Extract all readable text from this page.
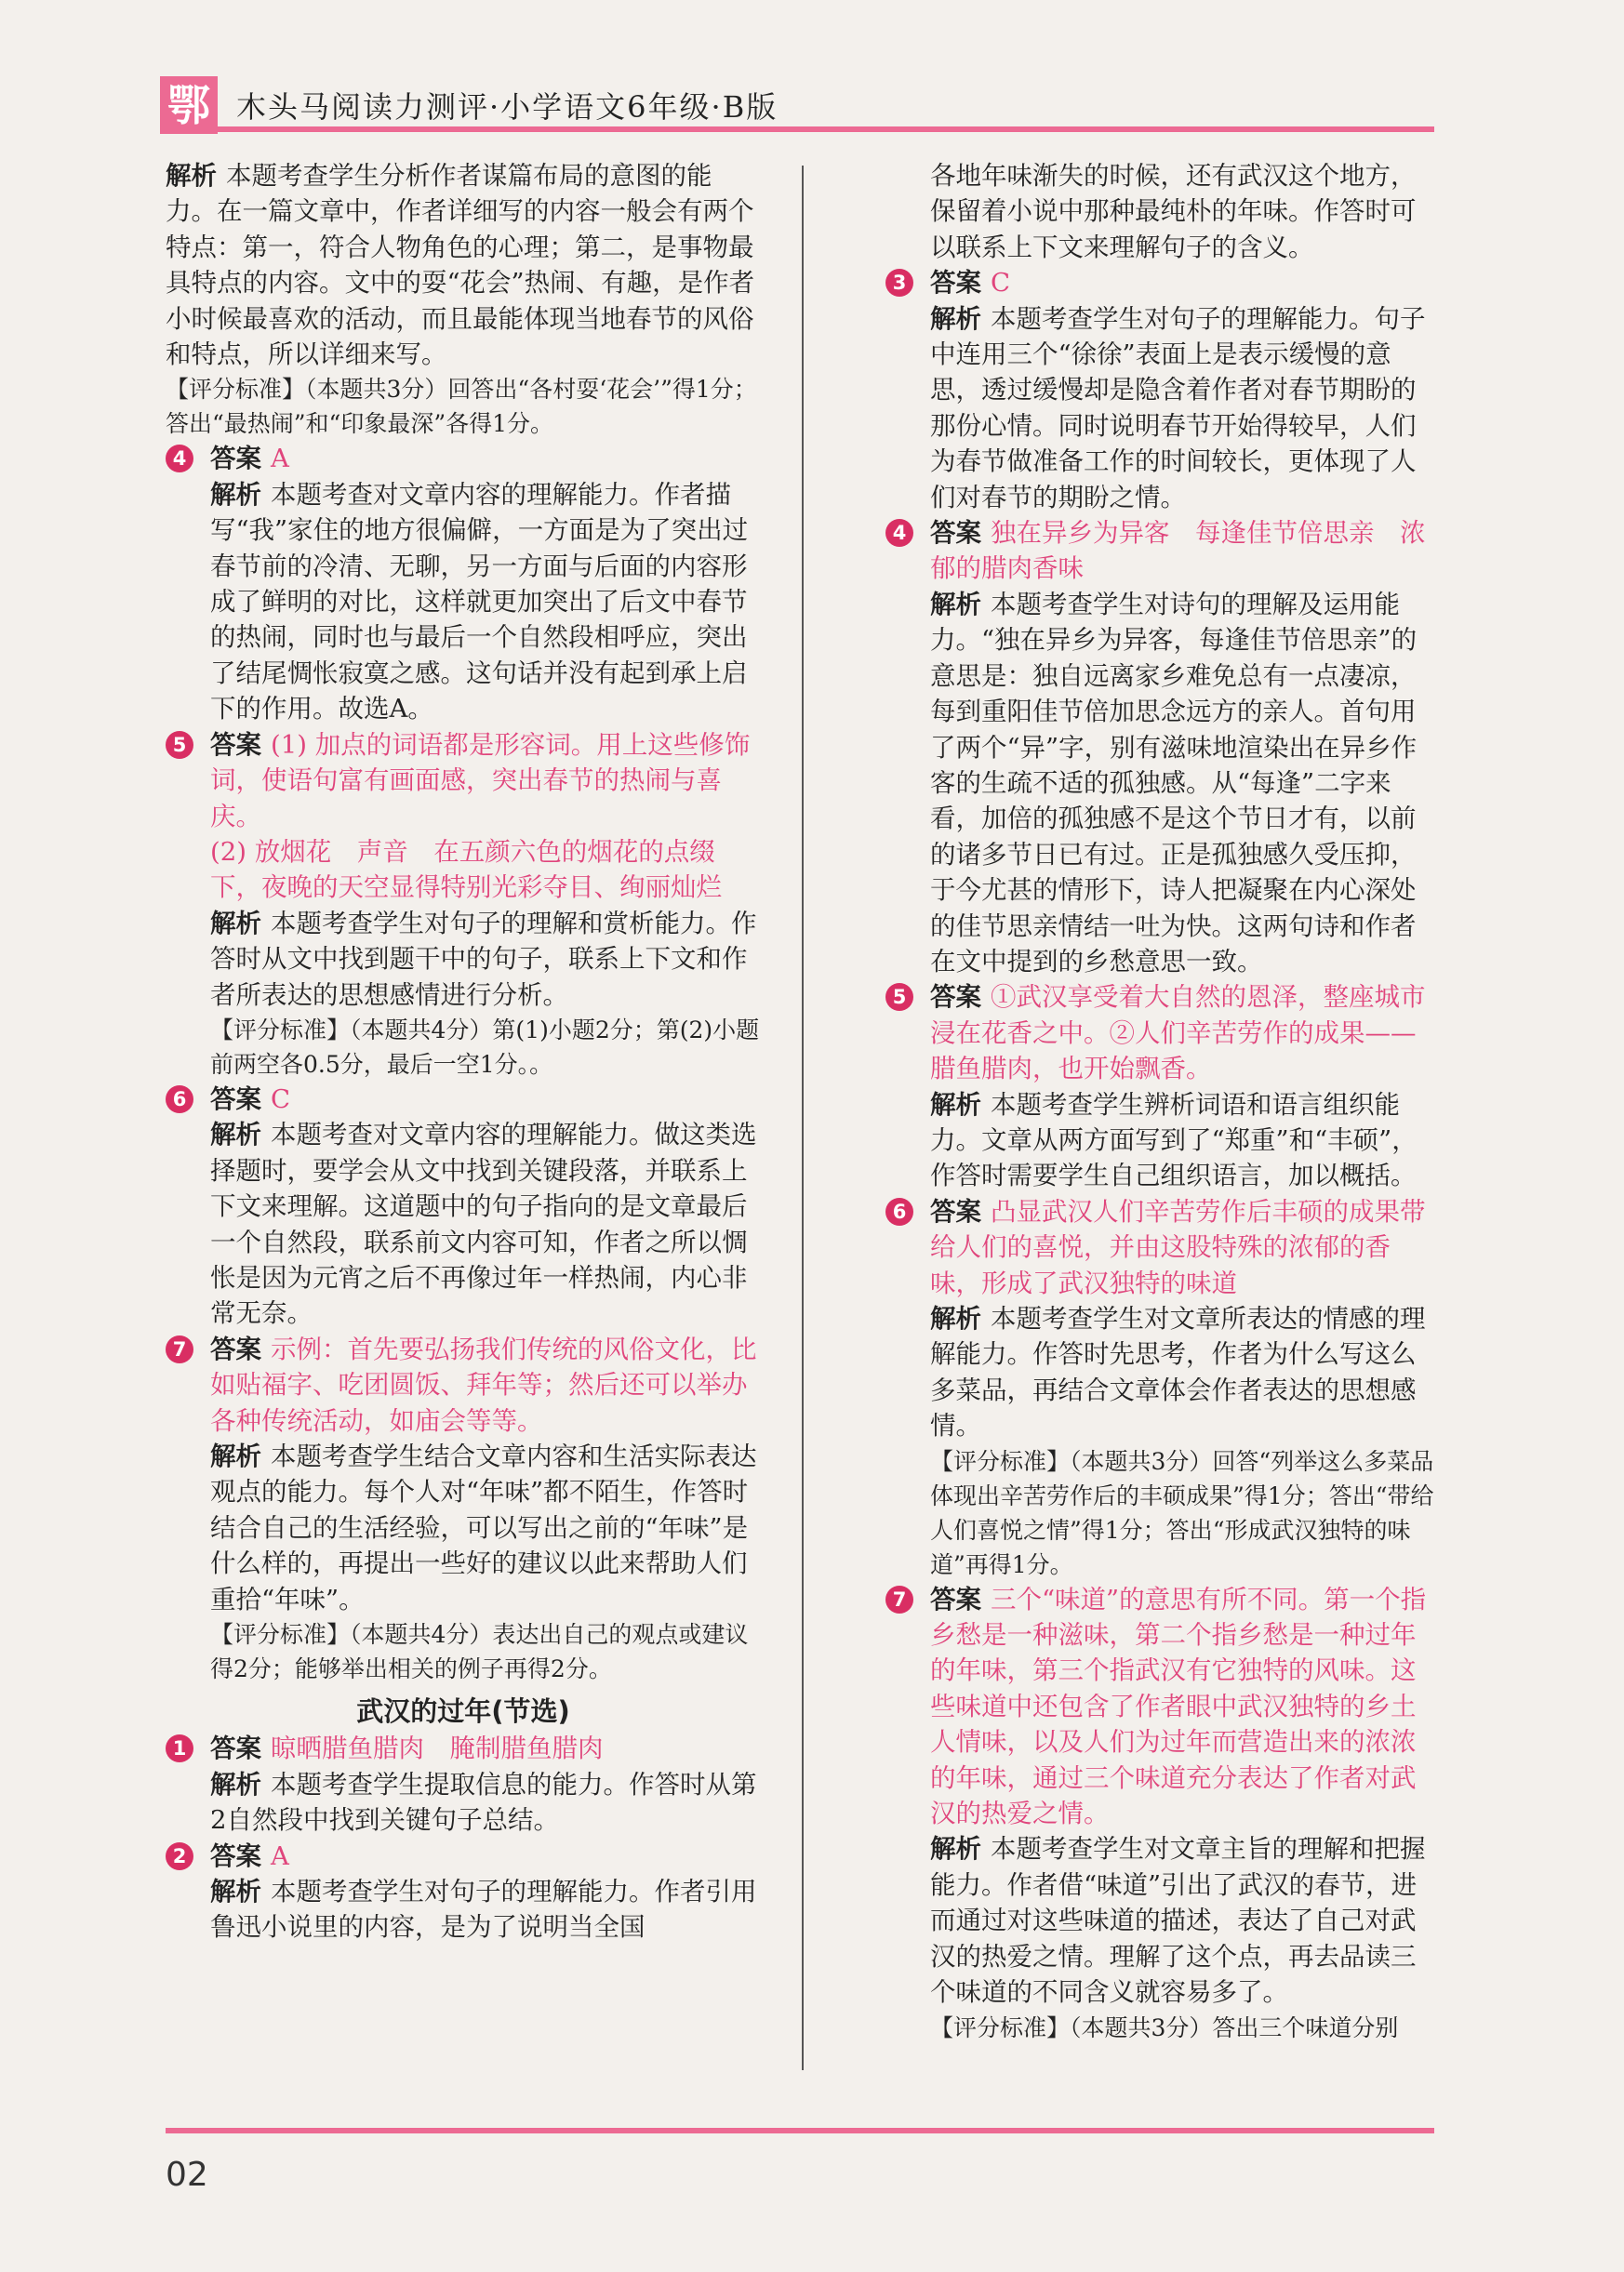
鄂 木头马阅读力测评·小学语文6年级·B版
解析 本题考查学生分析作者谋篇布局的意图的能力。在一篇文章中，作者详细写的内容一般会有两个特点：第一，符合人物角色的心理；第二，是事物最具特点的内容。文中的耍“花会”热闹、有趣，是作者小时候最喜欢的活动，而且最能体现当地春节的风俗和特点，所以详细来写。
【评分标准】（本题共3分）回答出“各村耍‘花会’”得1分；答出“最热闹”和“印象最深”各得1分。
4 答案 A
解析 本题考查对文章内容的理解能力。作者描写“我”家住的地方很偏僻，一方面是为了突出过春节前的冷清、无聊，另一方面与后面的内容形成了鲜明的对比，这样就更加突出了后文中春节的热闹，同时也与最后一个自然段相呼应，突出了结尾惆怅寂寞之感。这句话并没有起到承上启下的作用。故选A。
5 答案 (1) 加点的词语都是形容词。用上这些修饰词，使语句富有画面感，突出春节的热闹与喜庆。
(2) 放烟花　声音　在五颜六色的烟花的点缀下，夜晚的天空显得特别光彩夺目、绚丽灿烂
解析 本题考查学生对句子的理解和赏析能力。作答时从文中找到题干中的句子，联系上下文和作者所表达的思想感情进行分析。
【评分标准】（本题共4分）第(1)小题2分；第(2)小题前两空各0.5分，最后一空1分。。
6 答案 C
解析 本题考查对文章内容的理解能力。做这类选择题时，要学会从文中找到关键段落，并联系上下文来理解。这道题中的句子指向的是文章最后一个自然段，联系前文内容可知，作者之所以惆怅是因为元宵之后不再像过年一样热闹，内心非常无奈。
7 答案 示例：首先要弘扬我们传统的风俗文化，比如贴福字、吃团圆饭、拜年等；然后还可以举办各种传统活动，如庙会等等。
解析 本题考查学生结合文章内容和生活实际表达观点的能力。每个人对“年味”都不陌生，作答时结合自己的生活经验，可以写出之前的“年味”是什么样的，再提出一些好的建议以此来帮助人们重拾“年味”。
【评分标准】（本题共4分）表达出自己的观点或建议得2分；能够举出相关的例子再得2分。
武汉的过年(节选)
1 答案 晾晒腊鱼腊肉　腌制腊鱼腊肉
解析 本题考查学生提取信息的能力。作答时从第2自然段中找到关键句子总结。
2 答案 A
解析 本题考查学生对句子的理解能力。作者引用鲁迅小说里的内容，是为了说明当全国
各地年味渐失的时候，还有武汉这个地方，保留着小说中那种最纯朴的年味。作答时可以联系上下文来理解句子的含义。
3 答案 C
解析 本题考查学生对句子的理解能力。句子中连用三个“徐徐”表面上是表示缓慢的意思，透过缓慢却是隐含着作者对春节期盼的那份心情。同时说明春节开始得较早，人们为春节做准备工作的时间较长，更体现了人们对春节的期盼之情。
4 答案 独在异乡为异客　每逢佳节倍思亲　浓郁的腊肉香味
解析 本题考查学生对诗句的理解及运用能力。“独在异乡为异客，每逢佳节倍思亲”的意思是：独自远离家乡难免总有一点凄凉，每到重阳佳节倍加思念远方的亲人。首句用了两个“异”字，别有滋味地渲染出在异乡作客的生疏不适的孤独感。从“每逢”二字来看，加倍的孤独感不是这个节日才有，以前的诸多节日已有过。正是孤独感久受压抑，于今尤甚的情形下，诗人把凝聚在内心深处的佳节思亲情结一吐为快。这两句诗和作者在文中提到的乡愁意思一致。
5 答案 ①武汉享受着大自然的恩泽，整座城市浸在花香之中。②人们辛苦劳作的成果——腊鱼腊肉，也开始飘香。
解析 本题考查学生辨析词语和语言组织能力。文章从两方面写到了“郑重”和“丰硕”，作答时需要学生自己组织语言，加以概括。
6 答案 凸显武汉人们辛苦劳作后丰硕的成果带给人们的喜悦，并由这股特殊的浓郁的香味，形成了武汉独特的味道
解析 本题考查学生对文章所表达的情感的理解能力。作答时先思考，作者为什么写这么多菜品，再结合文章体会作者表达的思想感情。
【评分标准】（本题共3分）回答“列举这么多菜品体现出辛苦劳作后的丰硕成果”得1分；答出“带给人们喜悦之情”得1分；答出“形成武汉独特的味道”再得1分。
7 答案 三个“味道”的意思有所不同。第一个指乡愁是一种滋味，第二个指乡愁是一种过年的年味，第三个指武汉有它独特的风味。这些味道中还包含了作者眼中武汉独特的乡土人情味，以及人们为过年而营造出来的浓浓的年味，通过三个味道充分表达了作者对武汉的热爱之情。
解析 本题考查学生对文章主旨的理解和把握能力。作者借“味道”引出了武汉的春节，进而通过对这些味道的描述，表达了自己对武汉的热爱之情。理解了这个点，再去品读三个味道的不同含义就容易多了。
【评分标准】（本题共3分）答出三个味道分别
02
